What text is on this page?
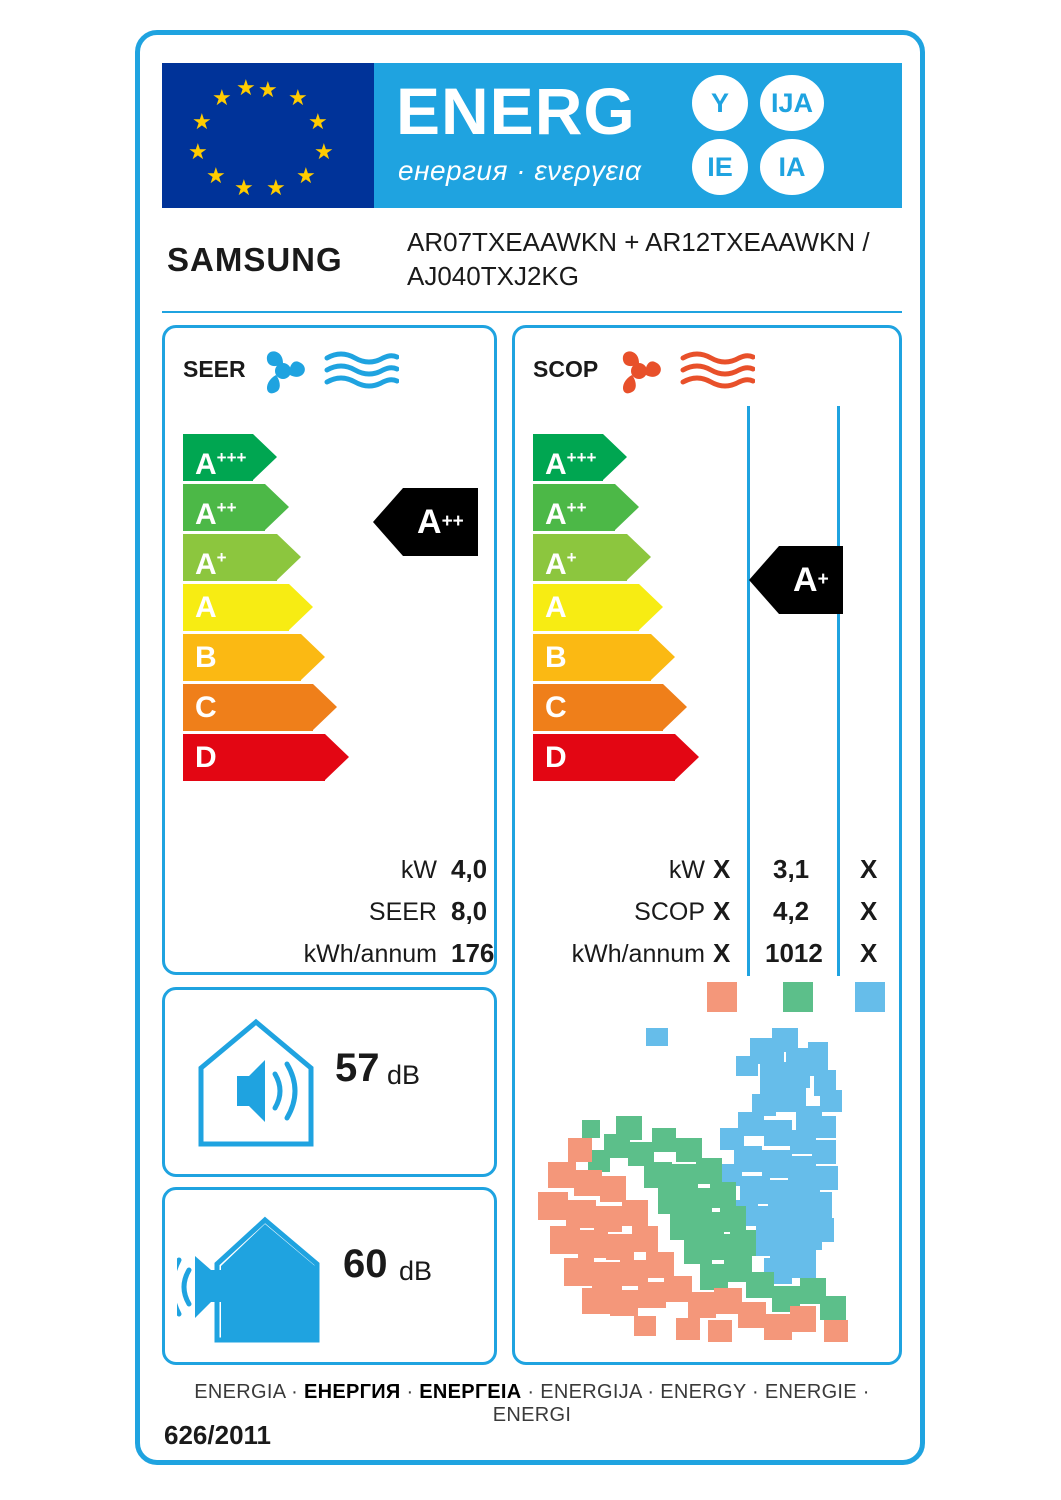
★ ★
★
★
★
★
★
★
★
★
★ ★ ENERG
енергия · ενεργεια
Y	IJA
IE	IA
SAMSUNG AR07TXEAAWKN + AR12TXEAAWKN / AJ040TXJ2KG
SEER
A+++
A++
A+
A
B
C
D
A ++
kW 4,0
SEER 8,0
kWh/annum 176
SCOP
A+++
A++
A+
A
B
C
D
A +
kW
SCOP
kWh/annum
X
X
X
3,1
4,2
1012
X
X
X
57 dB
60 dB
ENERGIA · ЕНЕРГИЯ · ΕΝΕΡΓΕΙΑ · ENERGIJA · ENERGY · ENERGIE · ENERGI
626/2011
